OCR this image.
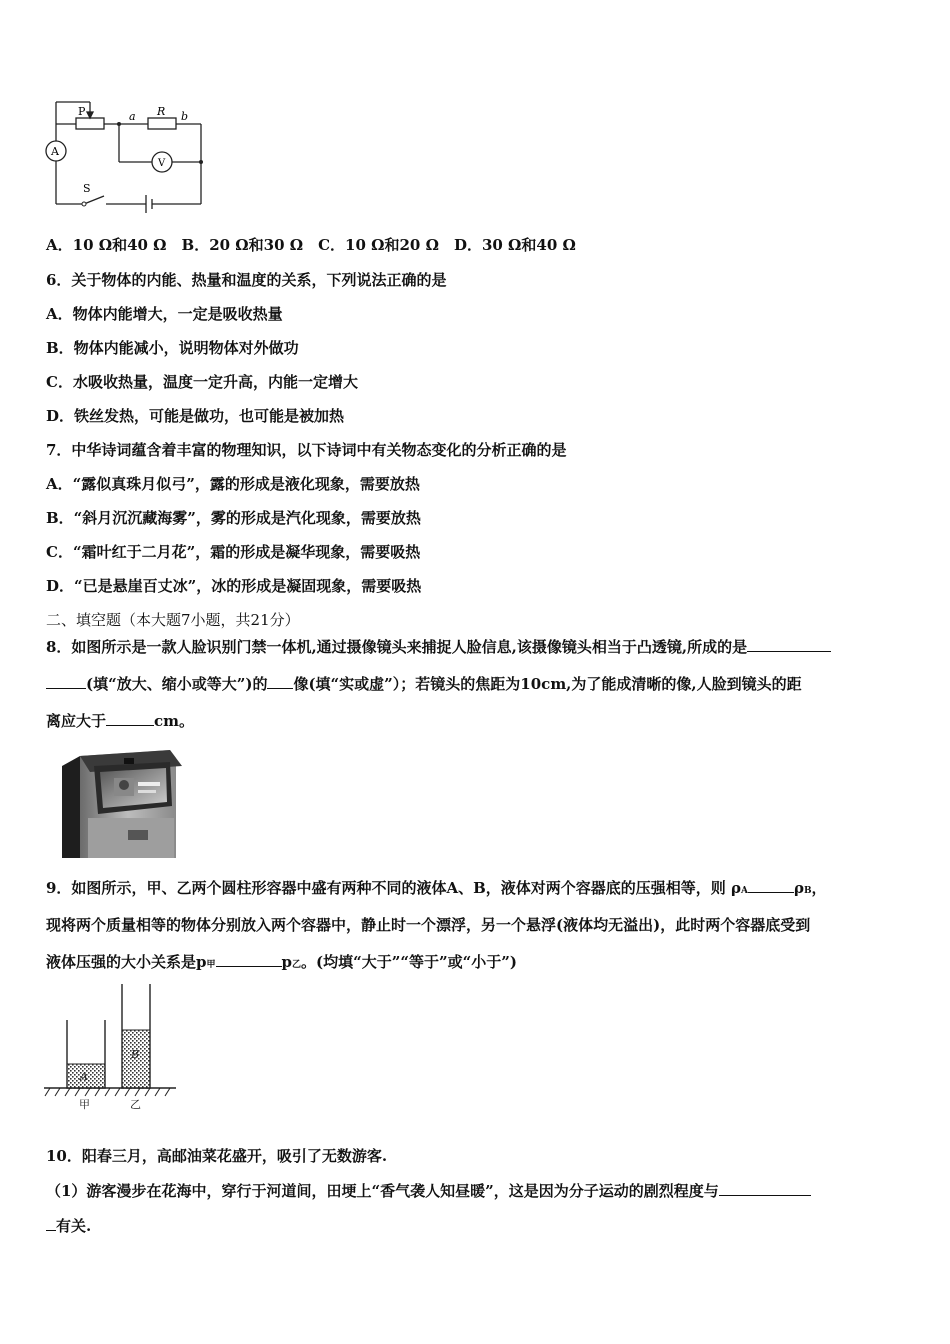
P	a R b
A
V
S
A．10 Ω和40 Ω　B．20 Ω和30 Ω　C．10 Ω和20 Ω　D．30 Ω和40 Ω
6．关于物体的内能、热量和温度的关系，下列说法正确的是
A．物体内能增大，一定是吸收热量
B．物体内能减小，说明物体对外做功
C．水吸收热量，温度一定升高，内能一定增大
D．铁丝发热，可能是做功，也可能是被加热
7．中华诗词蕴含着丰富的物理知识，以下诗词中有关物态变化的分析正确的是
A．“露似真珠月似弓”，露的形成是液化现象，需要放热
B．“斜月沉沉藏海雾”，雾的形成是汽化现象，需要放热
C．“霜叶红于二月花”，霜的形成是凝华现象，需要吸热
D．“已是悬崖百丈冰”，冰的形成是凝固现象，需要吸热
二、填空题（本大题7小题，共21分）
8．如图所示是一款人脸识别门禁一体机,通过摄像镜头来捕捉人脸信息,该摄像镜头相当于凸透镜,所成的是
(填“放大、缩小或等大”)的 像(填“实或虚”）；若镜头的焦距为10cm,为了能成清晰的像,人脸到镜头的距
离应大于	cm。
9．如图所示，甲、乙两个圆柱形容器中盛有两种不同的液体A、B，液体对两个容器底的压强相等，则 ρA	ρB，
现将两个质量相等的物体分别放入两个容器中，静止时一个漂浮，另一个悬浮(液体均无溢出)，此时两个容器底受到
液体压强的大小关系是p甲	p乙。(均填“大于”“等于”或“小于”)
A
B
甲	乙
10．阳春三月，高邮油菜花盛开，吸引了无数游客.
（1）游客漫步在花海中，穿行于河道间，田埂上“香气袭人知昼暖”，这是因为分子运动的剧烈程度与
有关.
